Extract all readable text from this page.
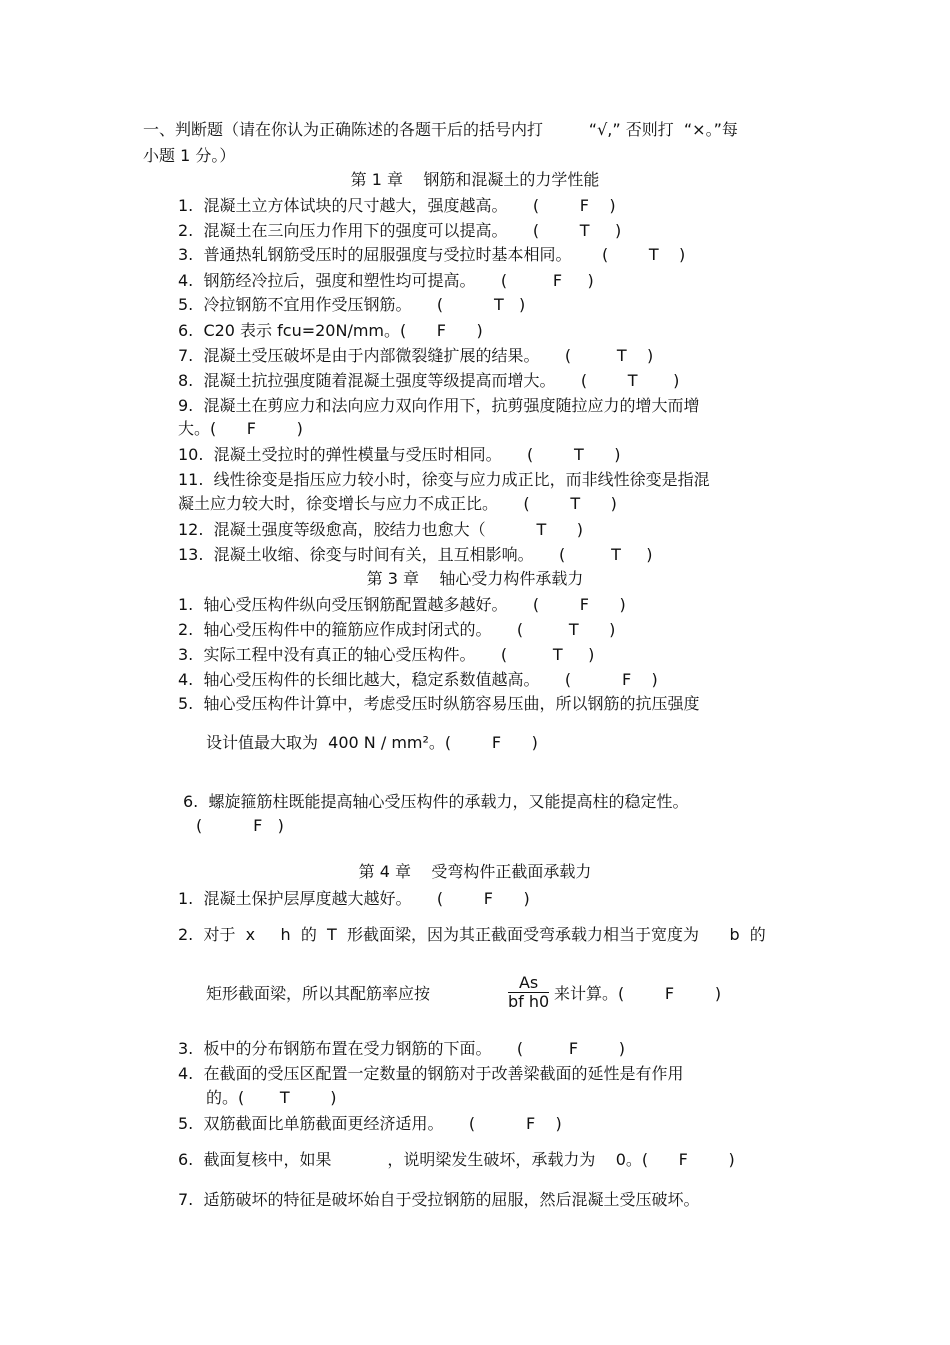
一、判断题（请在你认为正确陈述的各题干后的括号内打         “√,” 否则打  “×。”每
小题 1 分。）
第 1 章    钢筋和混凝土的力学性能
1.  混凝土立方体试块的尺寸越大，强度越高。     (        F    )
2.  混凝土在三向压力作用下的强度可以提高。     (        T     )
3.  普通热轧钢筋受压时的屈服强度与受拉时基本相同。      (        T    )
4.  钢筋经冷拉后，强度和塑性均可提高。     (         F     )
5.  冷拉钢筋不宜用作受压钢筋。     (          T   )
6.  C20 表示 fcu=20N/mm。(      F      )
7.  混凝土受压破坏是由于内部微裂缝扩展的结果。     (         T    )
8.  混凝土抗拉强度随着混凝土强度等级提高而增大。     (        T       )
9.  混凝土在剪应力和法向应力双向作用下，抗剪强度随拉应力的增大而增
大。(      F        )
10.  混凝土受拉时的弹性模量与受压时相同。     (        T      )
11.  线性徐变是指压应力较小时，徐变与应力成正比，而非线性徐变是指混
凝土应力较大时，徐变增长与应力不成正比。     (        T      )
12.  混凝土强度等级愈高，胶结力也愈大（          T      )
13.  混凝土收缩、徐变与时间有关，且互相影响。     (         T     )
第 3 章    轴心受力构件承载力
1.  轴心受压构件纵向受压钢筋配置越多越好。     (        F      )
2.  轴心受压构件中的箍筋应作成封闭式的。     (         T      )
3.  实际工程中没有真正的轴心受压构件。     (         T     )
4.  轴心受压构件的长细比越大，稳定系数值越高。     (          F    )
5.  轴心受压构件计算中，考虑受压时纵筋容易压曲，所以钢筋的抗压强度
设计值最大取为  400 N / mm²。(        F      )
6.  螺旋箍筋柱既能提高轴心受压构件的承载力，又能提高柱的稳定性。
(          F   )
第 4 章    受弯构件正截面承载力
1.  混凝土保护层厚度越大越好。     (        F      )
2.  对于  x     h  的  T  形截面梁，因为其正截面受弯承载力相当于宽度为      b  的
矩形截面梁，所以其配筋率应按	$\frac{As}{\text{bf h0}}$ 来计算。(        F        )
3.  板中的分布钢筋布置在受力钢筋的下面。     (         F        )
4.  在截面的受压区配置一定数量的钢筋对于改善梁截面的延性是有作用
的。(       T        )
5.  双筋截面比单筋截面更经济适用。     (          F    )
6.  截面复核中，如果           ，说明梁发生破坏，承载力为    0。(      F        )
7.  适筋破坏的特征是破坏始自于受拉钢筋的屈服，然后混凝土受压破坏。
